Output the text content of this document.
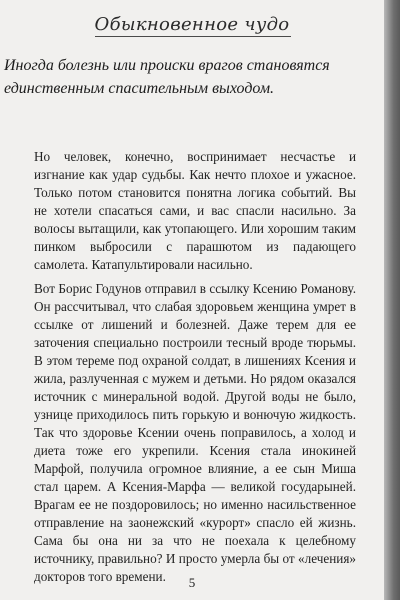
Обыкновенное чудо
Иногда болезнь или происки врагов становятся
единственным спасительным выходом.

Но человек, конечно, воспринимает несчастье и изгнание как удар судьбы. Как нечто плохое и ужасное. Только потом становится понятна логика событий. Вы не хотели спасаться сами, и вас спасли насильно. За волосы вытащили, как утопающего. Или хорошим таким пинком выбросили с парашютом из падающего самолета. Катапультировали насильно.

Вот Борис Годунов отправил в ссылку Ксению Романову. Он рассчитывал, что слабая здоровьем женщина умрет в ссылке от лишений и болезней. Даже терем для ее заточения специально построили тесный вроде тюрьмы. В этом тереме под охраной солдат, в лишениях Ксения и жила, разлученная с мужем и детьми. Но рядом оказался источник с минеральной водой. Другой воды не было, узнице приходилось пить горькую и вонючую жидкость. Так что здоровье Ксении очень поправилось, а холод и диета тоже его укрепили. Ксения стала инокиней Марфой, получила огромное влияние, а ее сын Миша стал царем. А Ксения-Марфа — великой государыней. Врагам ее не поздоровилось; но именно насильственное отправление на заонежский «курорт» спасло ей жизнь. Сама бы она ни за что не поехала к целебному источнику, правильно? И просто умерла бы от «лечения» докторов того времени.	5
